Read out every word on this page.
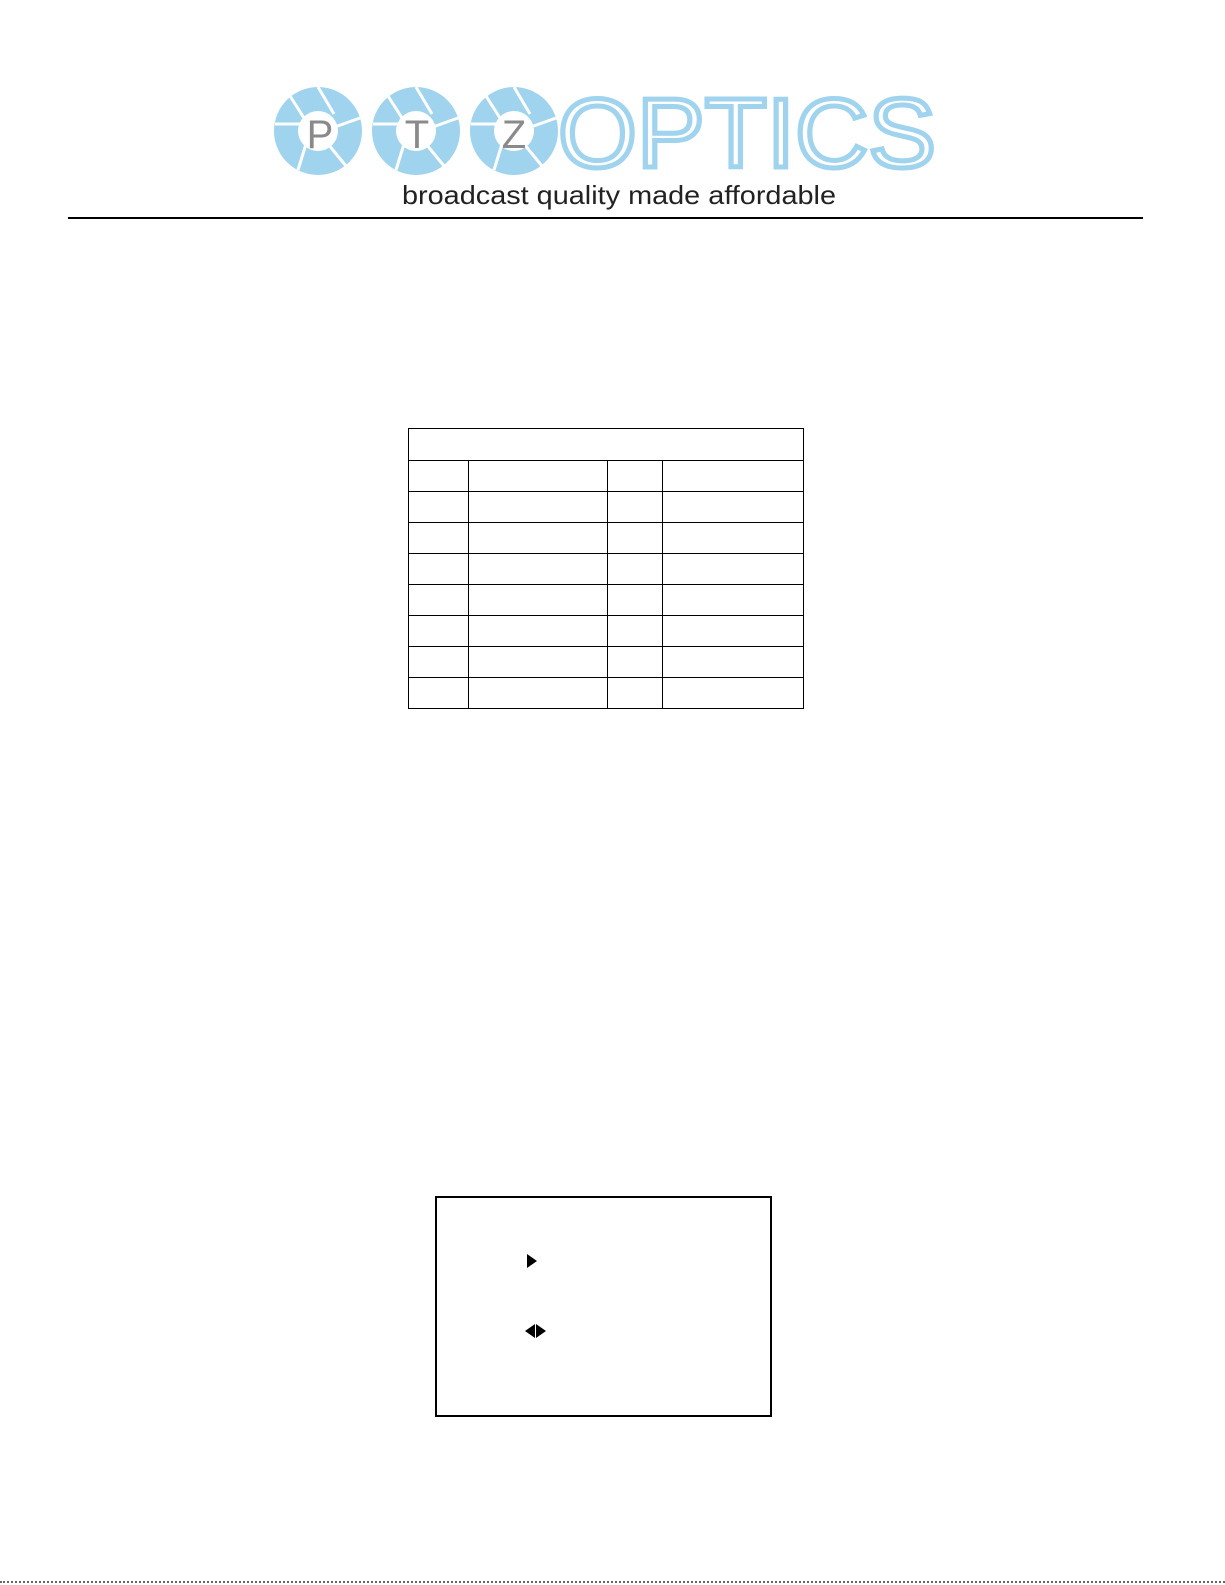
P T Z OPTICS
broadcast quality made affordable
